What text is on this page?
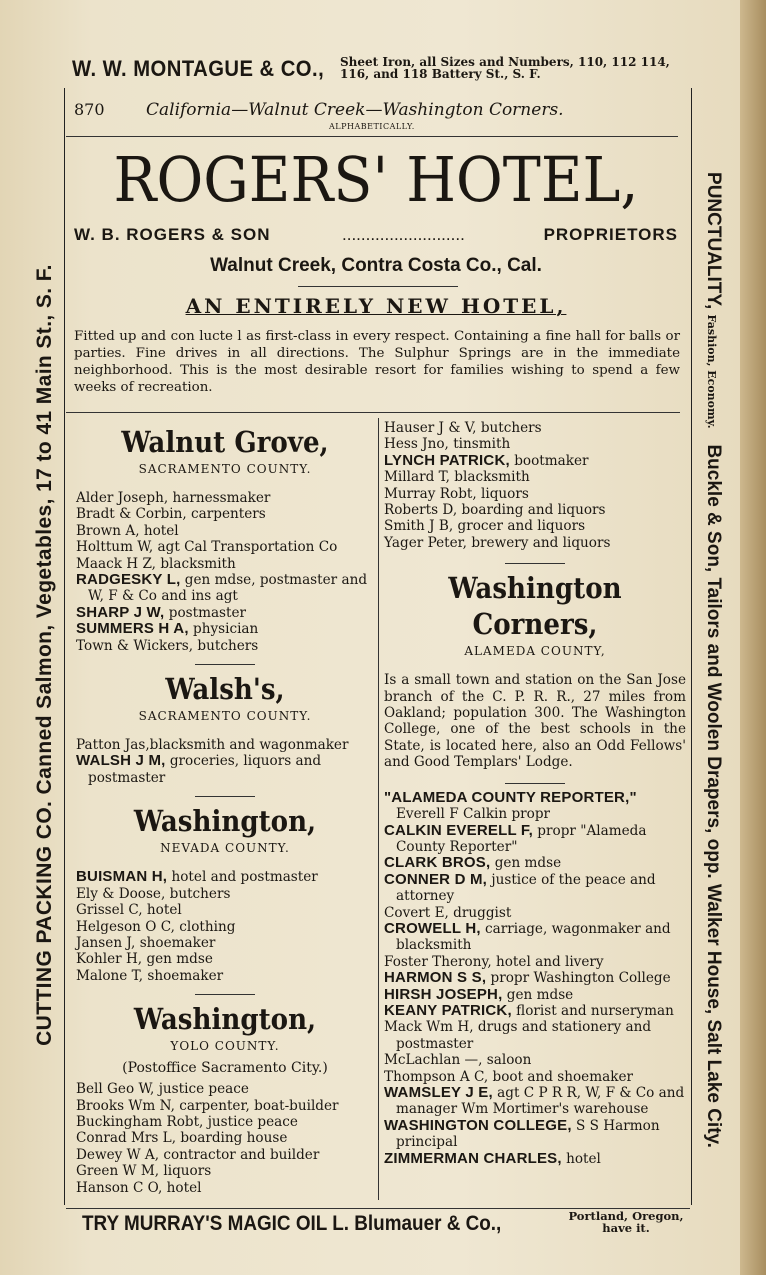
W. W. MONTAGUE & CO., Sheet Iron, all Sizes and Numbers, 110, 112 114, 116, and 118 Battery St., S. F.
CUTTING PACKING CO. Canned Salmon, Vegetables, 17 to 41 Main St., S. F.
PUNCTUALITY, Fashion, Economy.   Buckle & Son, Tailors and Woolen Drapers, opp. Walker House, Salt Lake City.
870 California—Walnut Creek—Washington Corners.
ALPHABETICALLY.
ROGERS' HOTEL,
W. B. ROGERS & SON	..........................	PROPRIETORS
Walnut Creek, Contra Costa Co., Cal.
AN ENTIRELY NEW HOTEL,
Fitted up and con lucte l as first-class in every respect. Containing a fine hall for balls or parties. Fine drives in all directions. The Sulphur Springs are in the immediate neighborhood. This is the most desirable resort for families wishing to spend a few weeks of recreation.
Walnut Grove,
SACRAMENTO COUNTY.
Alder Joseph, harnessmaker
Bradt & Corbin, carpenters
Brown A, hotel
Holttum W, agt Cal Transportation Co
Maack H Z, blacksmith
RADGESKY L, gen mdse, postmaster and W, F & Co and ins agt
SHARP J W, postmaster
SUMMERS H A, physician
Town & Wickers, butchers
Walsh's,
SACRAMENTO COUNTY.
Patton Jas,blacksmith and wagonmaker
WALSH J M, groceries, liquors and postmaster
Washington,
NEVADA COUNTY.
BUISMAN H, hotel and postmaster
Ely & Doose, butchers
Grissel C, hotel
Helgeson O C, clothing
Jansen J, shoemaker
Kohler H, gen mdse
Malone T, shoemaker
Washington,
YOLO COUNTY.
(Postoffice Sacramento City.)
Bell Geo W, justice peace
Brooks Wm N, carpenter, boat-builder
Buckingham Robt, justice peace
Conrad Mrs L, boarding house
Dewey W A, contractor and builder
Green W M, liquors
Hanson C O, hotel
Hauser J & V, butchers
Hess Jno, tinsmith
LYNCH PATRICK, bootmaker
Millard T, blacksmith
Murray Robt, liquors
Roberts D, boarding and liquors
Smith J B, grocer and liquors
Yager Peter, brewery and liquors
Washington Corners,
ALAMEDA COUNTY,
Is a small town and station on the San Jose branch of the C. P. R. R., 27 miles from Oakland; population 300. The Washington College, one of the best schools in the State, is located here, also an Odd Fellows' and Good Templars' Lodge.
"ALAMEDA COUNTY REPORTER," Everell F Calkin propr
CALKIN EVERELL F, propr "Alameda County Reporter"
CLARK BROS, gen mdse
CONNER D M, justice of the peace and attorney
Covert E, druggist
CROWELL H, carriage, wagonmaker and blacksmith
Foster Therony, hotel and livery
HARMON S S, propr Washington College
HIRSH JOSEPH, gen mdse
KEANY PATRICK, florist and nurseryman
Mack Wm H, drugs and stationery and postmaster
McLachlan —, saloon
Thompson A C, boot and shoemaker
WAMSLEY J E, agt C P R R, W, F & Co and manager Wm Mortimer's warehouse
WASHINGTON COLLEGE, S S Harmon principal
ZIMMERMAN CHARLES, hotel
TRY MURRAY'S MAGIC OIL L. Blumauer & Co.,	Portland, Oregon, have it.
